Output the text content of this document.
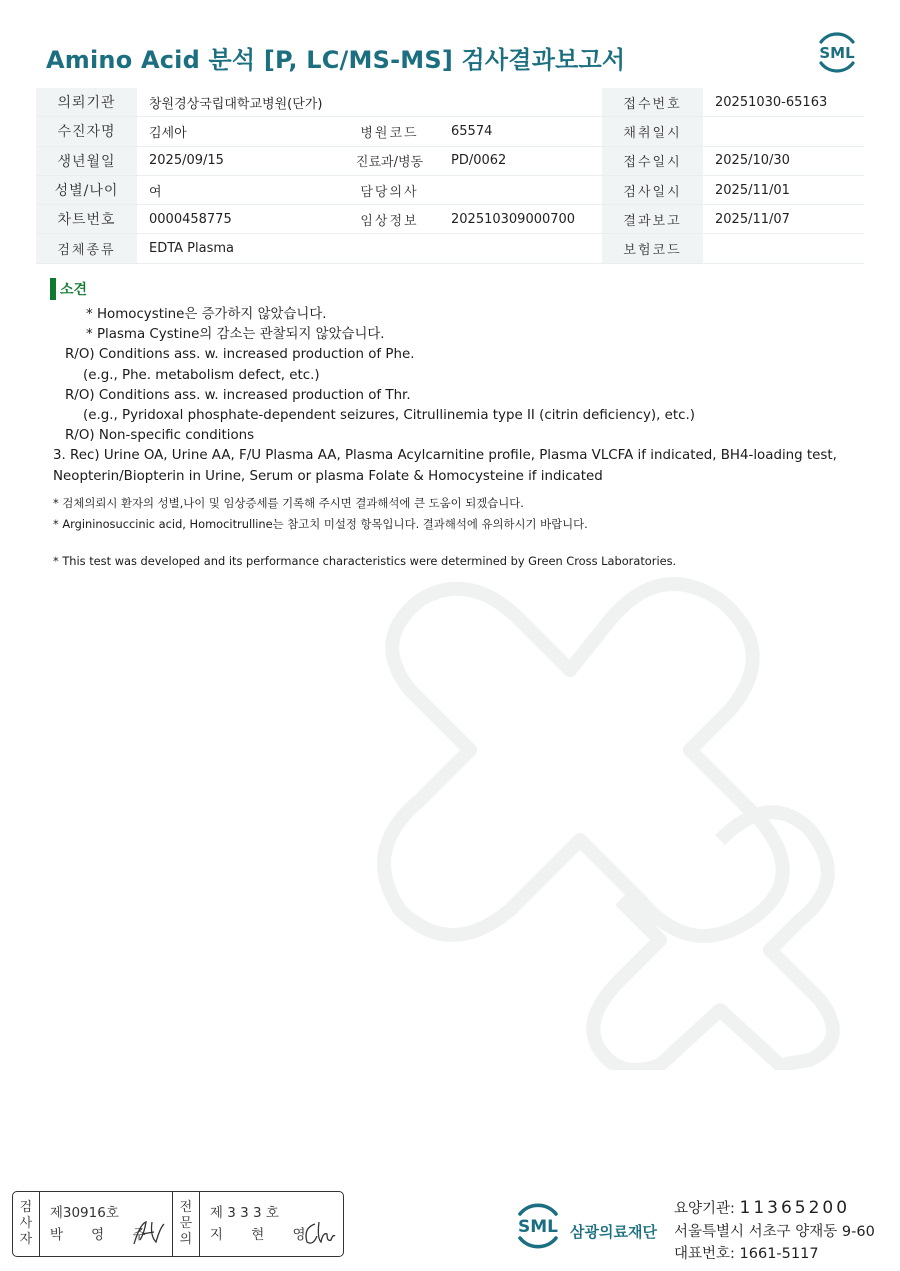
Amino Acid 분석 [P, LC/MS-MS] 검사결과보고서	SML
의뢰기관	창원경상국립대학교병원(단가)			접수번호	20251030-65163
수진자명	김세아	병원코드	65574	채취일시	
생년월일	2025/09/15	진료과/병동	PD/0062	접수일시	2025/10/30
성별/나이	여	담당의사		검사일시	2025/11/01
차트번호	0000458775	임상정보	202510309000700	결과보고	2025/11/07
검체종류	EDTA Plasma			보험코드	
소견
* Homocystine은 증가하지 않았습니다.
* Plasma Cystine의 감소는 관찰되지 않았습니다.
R/O) Conditions ass. w. increased production of Phe.
(e.g., Phe. metabolism defect, etc.)
R/O) Conditions ass. w. increased production of Thr.
(e.g., Pyridoxal phosphate-dependent seizures, Citrullinemia type II (citrin deficiency), etc.)
R/O) Non-specific conditions
3. Rec) Urine OA, Urine AA, F/U Plasma AA, Plasma Acylcarnitine profile, Plasma VLCFA if indicated, BH4-loading test,
Neopterin/Biopterin in Urine, Serum or plasma Folate & Homocysteine if indicated
* 검체의뢰시 환자의 성별,나이 및 임상증세를 기록해 주시면 결과해석에 큰 도움이 되겠습니다.
* Argininosuccinic acid, Homocitrulline는 참고치 미설정 항목입니다. 결과해석에 유의하시기 바랍니다.
* This test was developed and its performance characteristics were determined by Green Cross Laboratories.
검
사
자
제30916호
박 영 주
전
문
의
제 3 3 3 호
지 현 영	SML 삼광의료재단
요양기관: 11365200
서울특별시 서초구 양재동 9-60
대표번호: 1661-5117
